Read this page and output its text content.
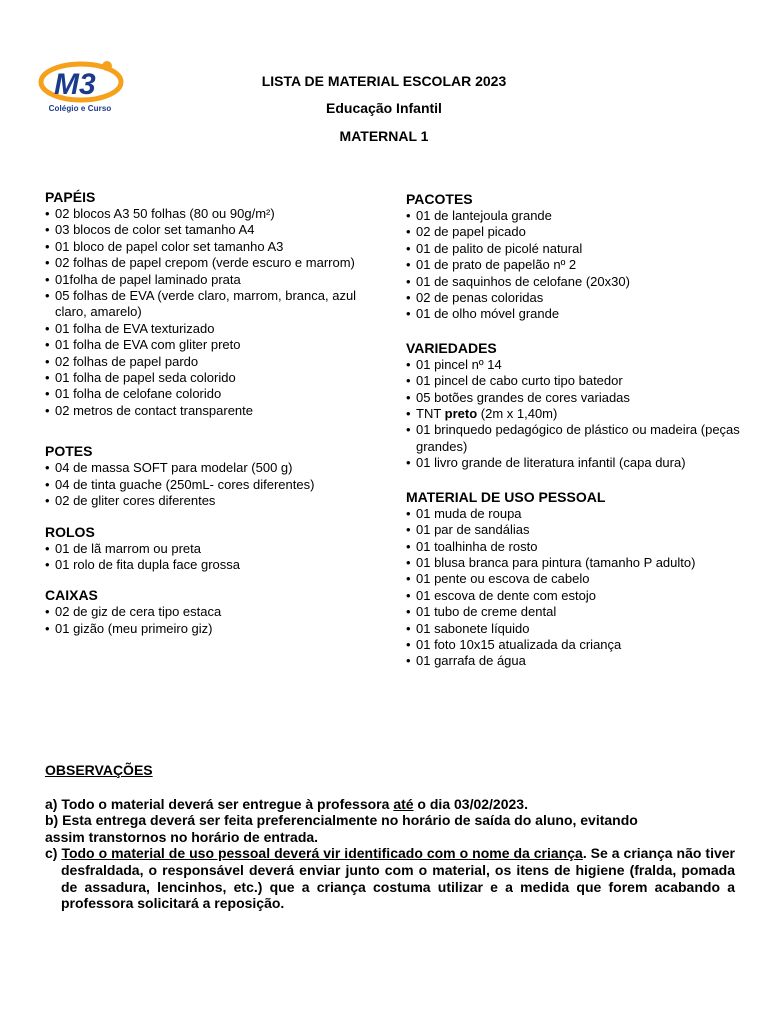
M3
Colégio e Curso
LISTA DE MATERIAL ESCOLAR 2023
Educação Infantil
MATERNAL 1
PAPÉIS
• 02 blocos A3 50 folhas (80 ou 90g/m²)
• 03 blocos de color set tamanho A4
• 01 bloco de papel color set tamanho A3
• 02 folhas de papel crepom (verde escuro e marrom)
• 01folha de papel laminado prata
• 05 folhas de EVA (verde claro, marrom, branca, azul claro, amarelo)
• 01 folha de EVA texturizado
• 01 folha de EVA com gliter preto
• 02 folhas de papel pardo
• 01 folha de papel seda colorido
• 01 folha de celofane colorido
• 02 metros de contact transparente
POTES
• 04 de massa SOFT para modelar (500 g)
• 04 de tinta guache (250mL- cores diferentes)
• 02 de gliter cores diferentes
ROLOS
• 01 de lã marrom ou preta
• 01 rolo de fita dupla face grossa
CAIXAS
• 02 de giz de cera tipo estaca
• 01 gizão (meu primeiro giz)
PACOTES
• 01 de lantejoula grande
• 02 de papel picado
• 01 de palito de picolé natural
• 01 de prato de papelão nº 2
• 01 de saquinhos de celofane (20x30)
• 02 de penas coloridas
• 01 de olho móvel grande
VARIEDADES
• 01 pincel nº 14
• 01 pincel de cabo curto tipo batedor
• 05 botões grandes de cores variadas
• TNT preto (2m x 1,40m)
• 01 brinquedo pedagógico de plástico ou madeira (peças grandes)
• 01 livro grande de literatura infantil (capa dura)
MATERIAL DE USO PESSOAL
• 01 muda de roupa
• 01 par de sandálias
• 01 toalhinha de rosto
• 01 blusa branca para pintura (tamanho P adulto)
• 01 pente ou escova de cabelo
• 01 escova de dente com estojo
• 01 tubo de creme dental
• 01 sabonete líquido
• 01 foto 10x15 atualizada da criança
• 01 garrafa de água
OBSERVAÇÕES

a) Todo o material deverá ser entregue à professora até o dia 03/02/2023.

b) Esta entrega deverá ser feita preferencialmente no horário de saída do aluno, evitando
assim transtornos no horário de entrada.

c) Todo o material de uso pessoal deverá vir identificado com o nome da criança. Se a criança não tiver desfraldada, o responsável deverá enviar junto com o material, os itens de higiene (fralda, pomada de assadura, lencinhos, etc.) que a criança costuma utilizar e a medida que forem acabando a professora solicitará a reposição.
